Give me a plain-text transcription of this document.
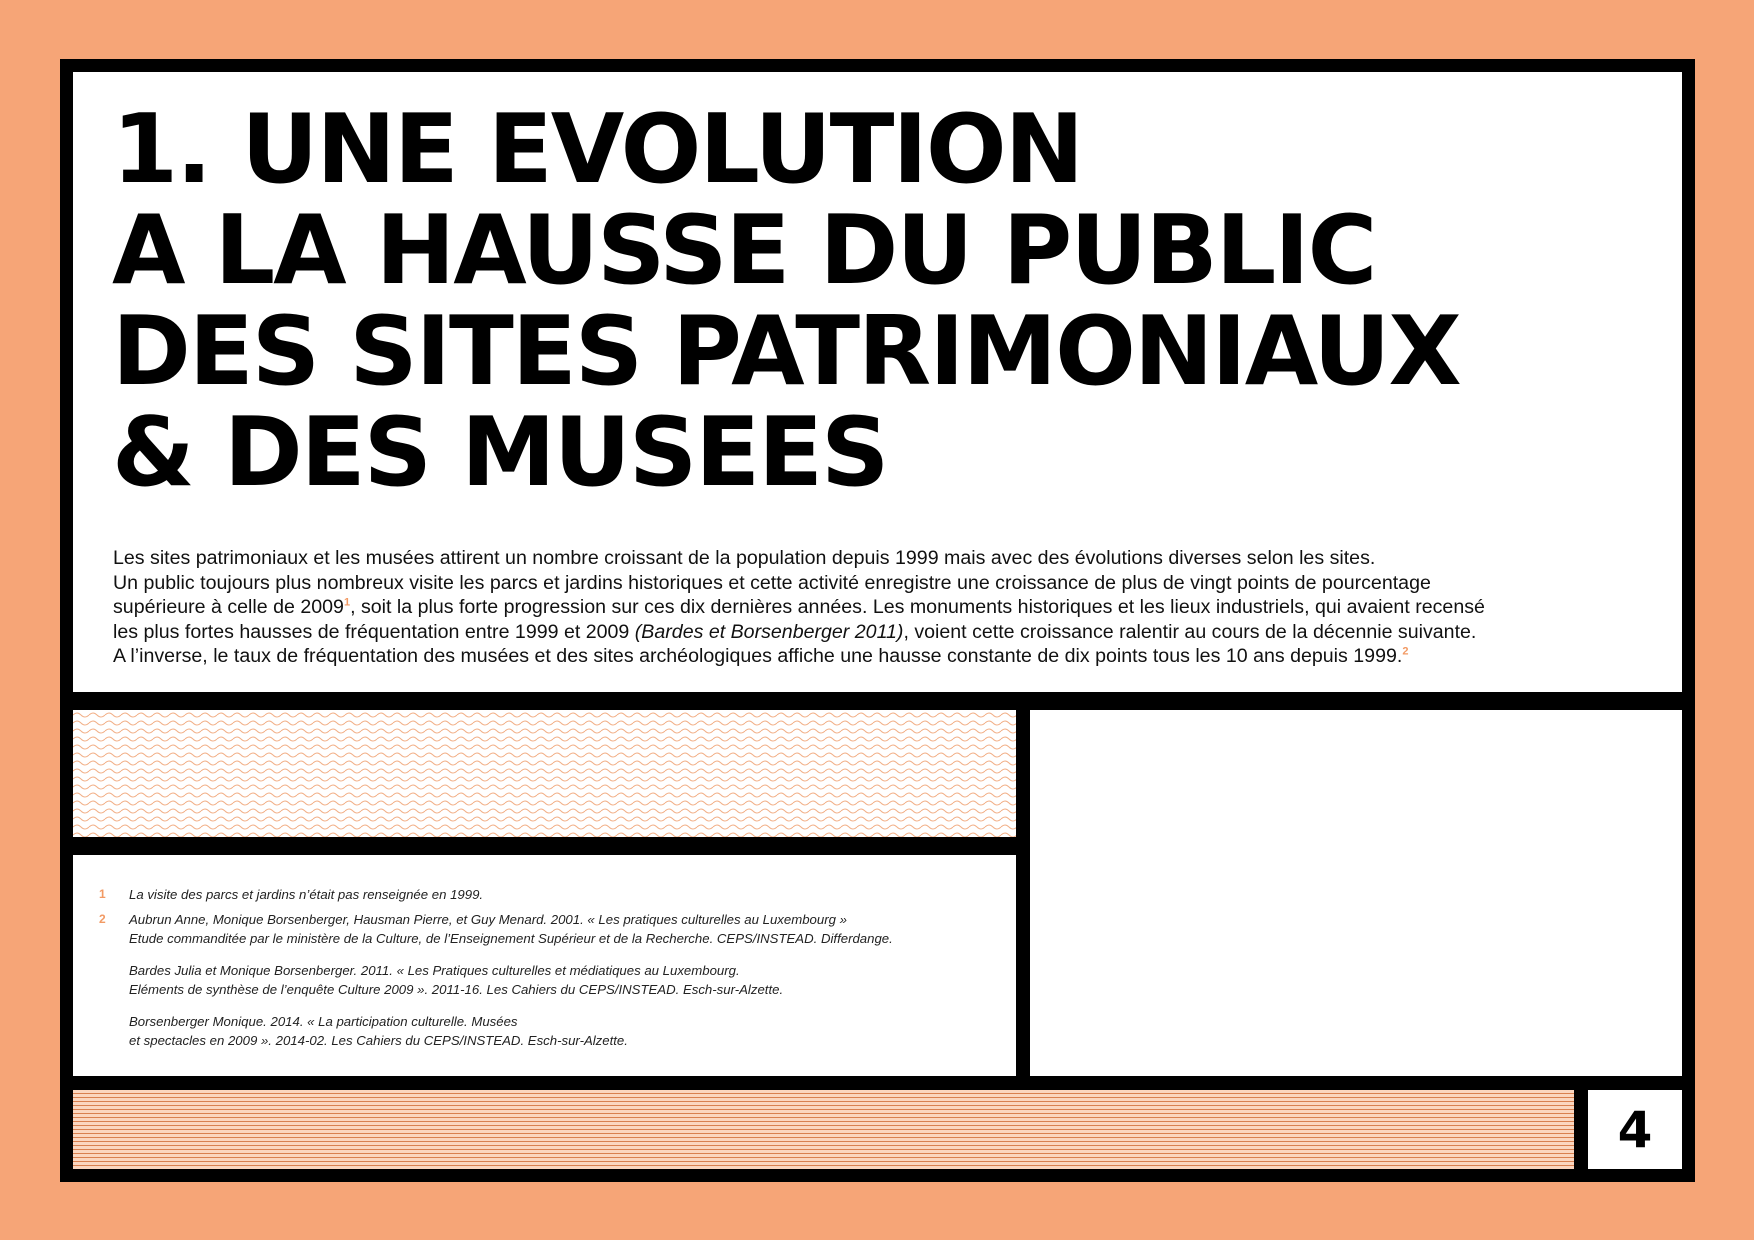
1. UNE EVOLUTION
A LA HAUSSE DU PUBLIC
DES SITES PATRIMONIAUX
& DES MUSEES

Les sites patrimoniaux et les musées attirent un nombre croissant de la population depuis 1999 mais avec des évolutions diverses selon les sites.

Un public toujours plus nombreux visite les parcs et jardins historiques et cette activité enregistre une croissance de plus de vingt points de pourcentage

supérieure à celle de 2009$^1$, soit la plus forte progression sur ces dix dernières années. Les monuments historiques et les lieux industriels, qui avaient recensé

les plus fortes hausses de fréquentation entre 1999 et 2009 (Bardes et Borsenberger 2011), voient cette croissance ralentir au cours de la décennie suivante.

A l’inverse, le taux de fréquentation des musées et des sites archéologiques affiche une hausse constante de dix points tous les 10 ans depuis 1999.$^2$

1 La visite des parcs et jardins n’était pas renseignée en 1999.

2 Aubrun Anne, Monique Borsenberger, Hausman Pierre, et Guy Menard. 2001. « Les pratiques culturelles au Luxembourg »

Etude commanditée par le ministère de la Culture, de l’Enseignement Supérieur et de la Recherche. CEPS/INSTEAD. Differdange.

Bardes Julia et Monique Borsenberger. 2011. « Les Pratiques culturelles et médiatiques au Luxembourg.

Eléments de synthèse de l’enquête Culture 2009 ». 2011-16. Les Cahiers du CEPS/INSTEAD. Esch-sur-Alzette.

Borsenberger Monique. 2014. « La participation culturelle. Musées

et spectacles en 2009 ». 2014-02. Les Cahiers du CEPS/INSTEAD. Esch-sur-Alzette.

4
